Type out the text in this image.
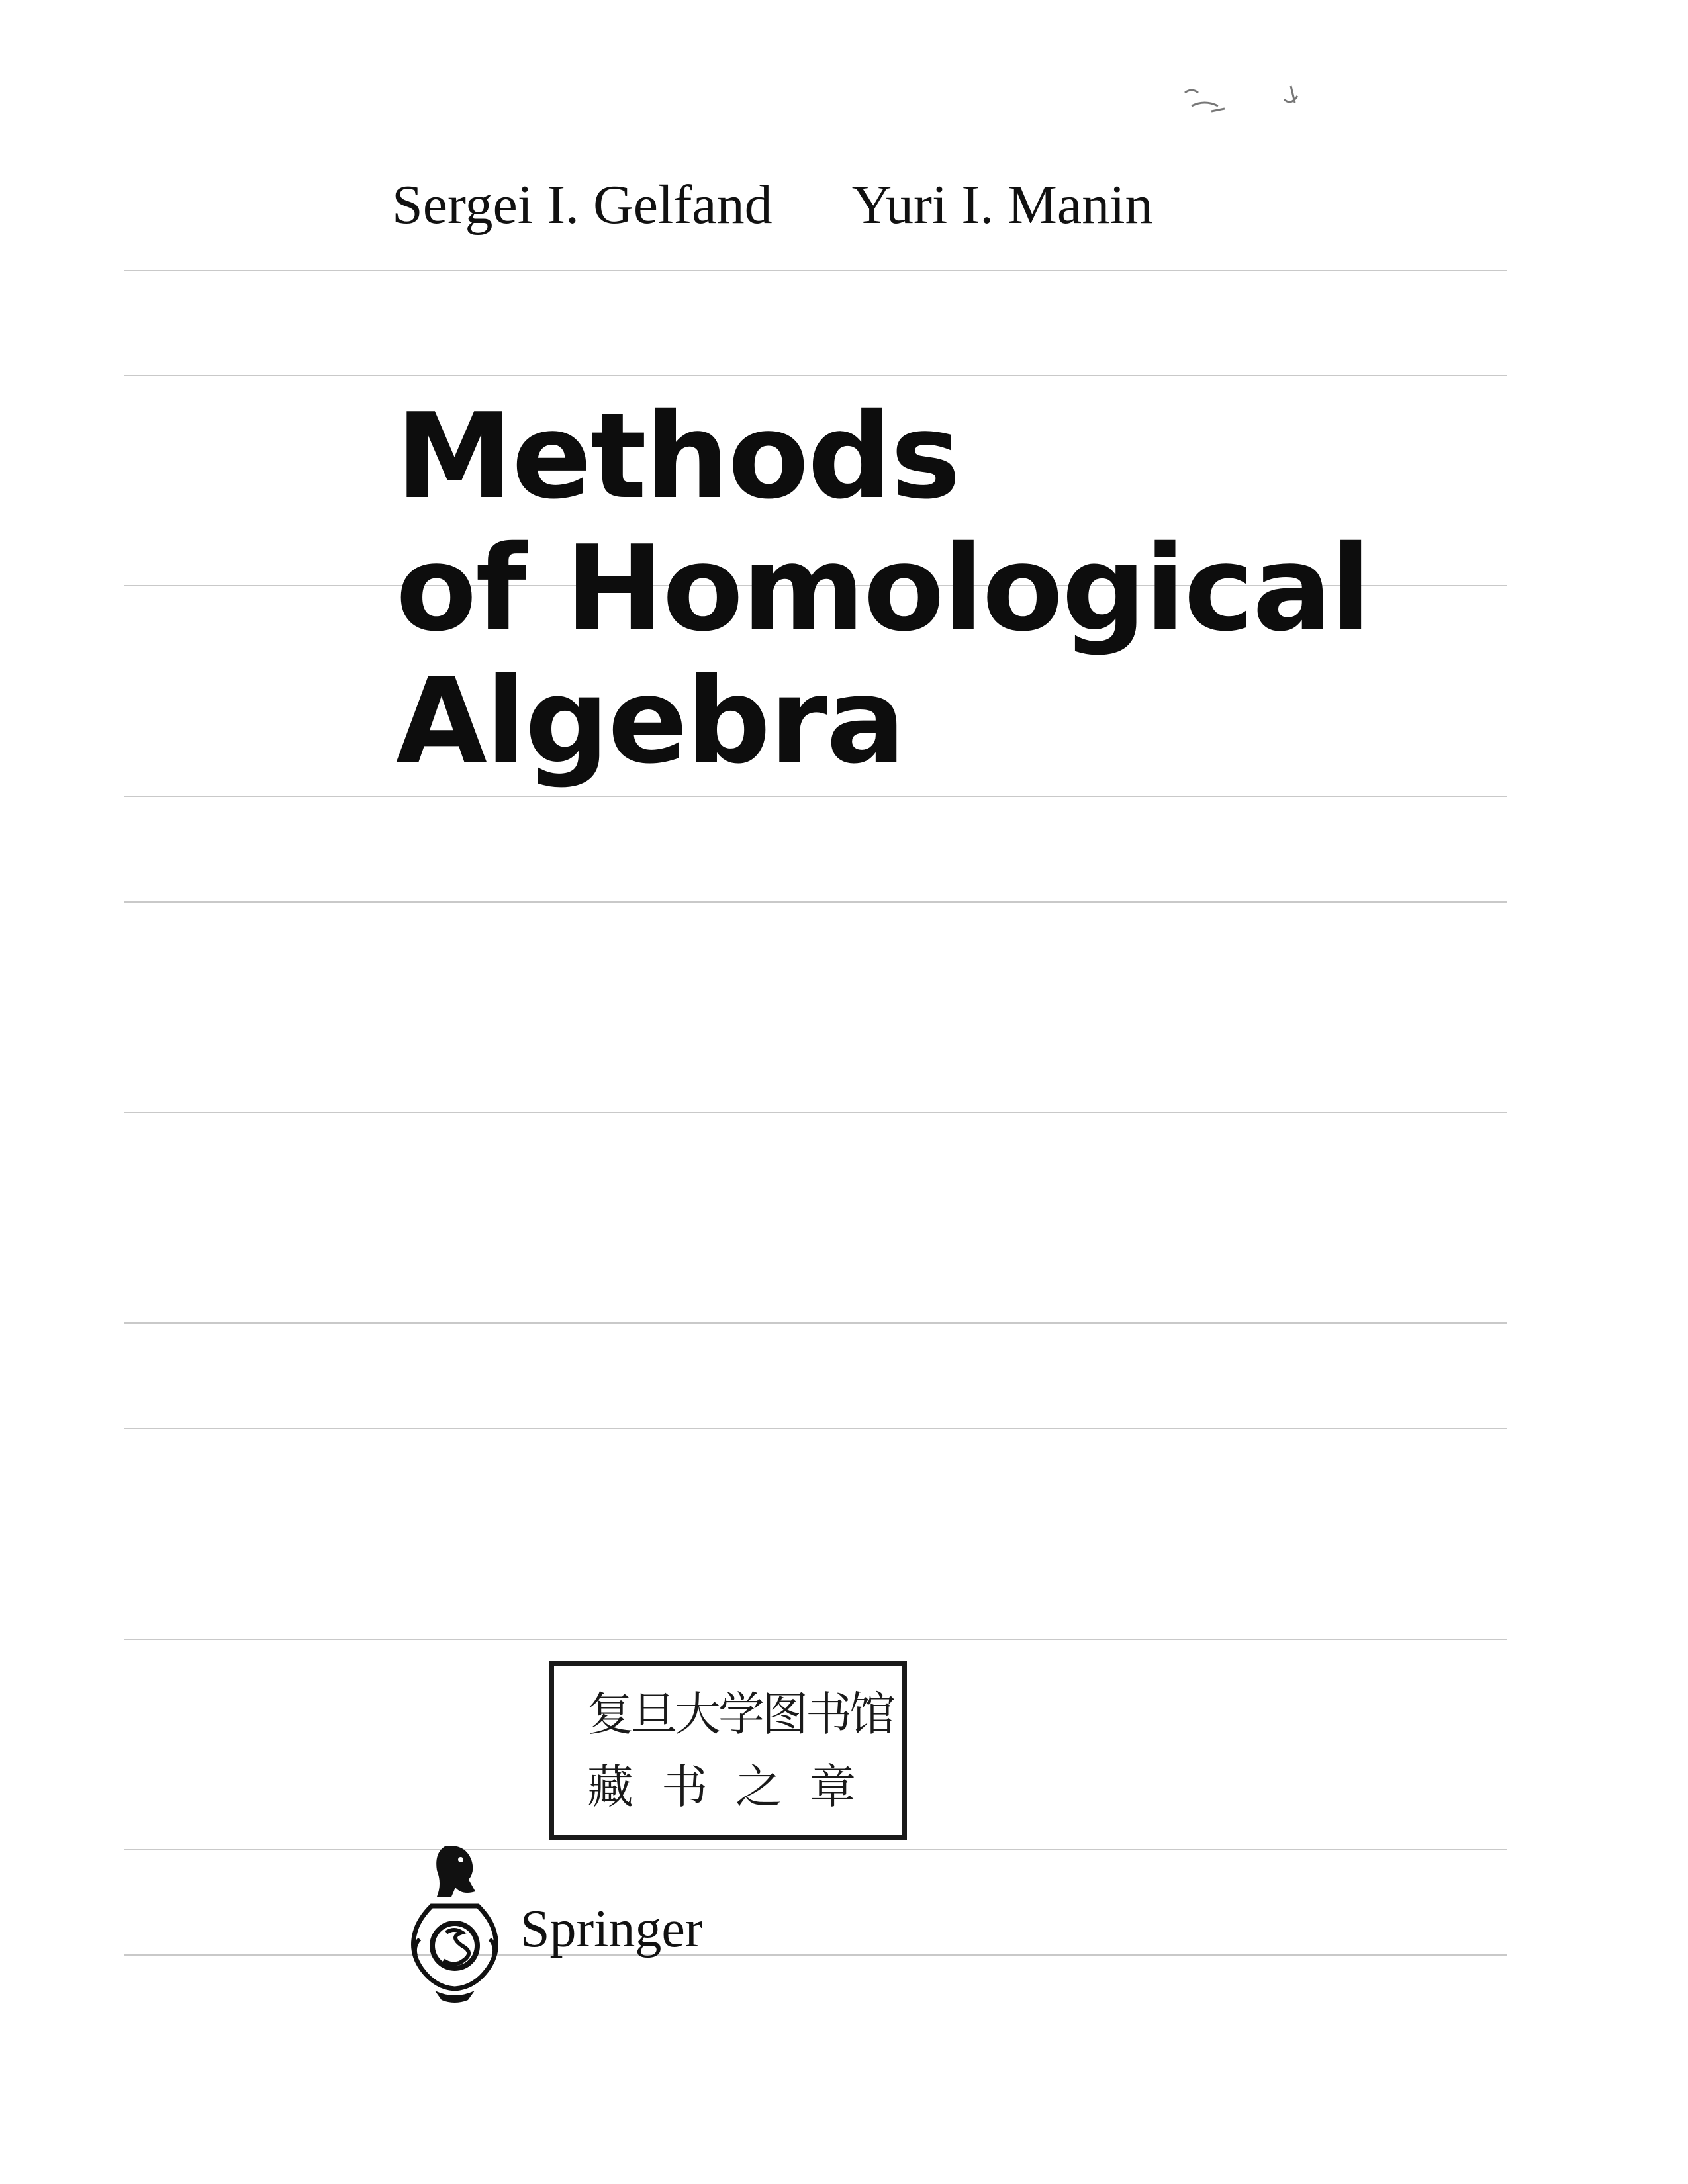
Sergei I. Gelfand Yuri I. Manin
Methods
of Homological
Algebra
复旦大学图书馆
藏书之章
Springer
